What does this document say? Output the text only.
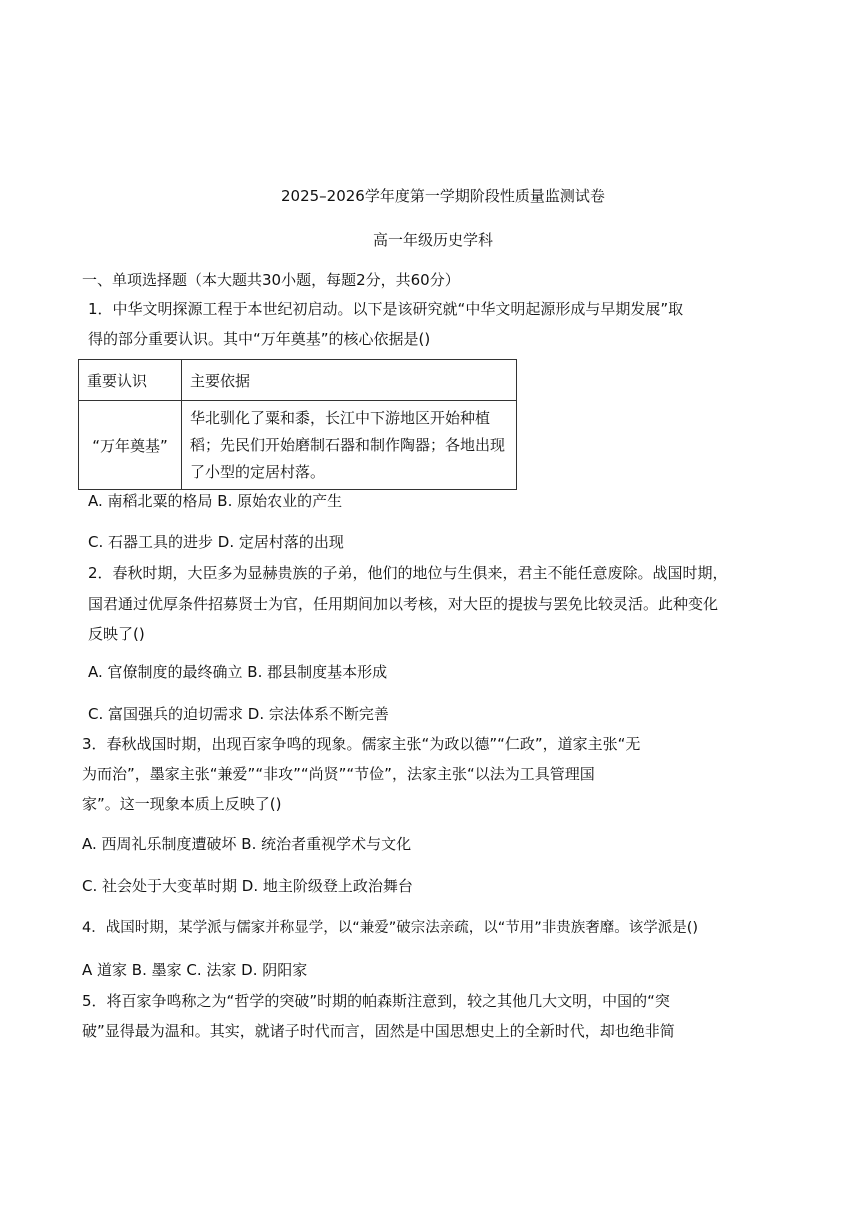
2025–2026学年度第一学期阶段性质量监测试卷
高一年级历史学科
一、单项选择题（本大题共30小题，每题2分，共60分）
1．中华文明探源工程于本世纪初启动。以下是该研究就“中华文明起源形成与早期发展”取
得的部分重要认识。其中“万年奠基”的核心依据是()
重要认识	主要依据
“万年奠基”	华北驯化了粟和黍，长江中下游地区开始种植
稻；先民们开始磨制石器和制作陶器；各地出现
了小型的定居村落。
A. 南稻北粟的格局 B. 原始农业的产生
C. 石器工具的进步 D. 定居村落的出现
2．春秋时期，大臣多为显赫贵族的子弟，他们的地位与生俱来，君主不能任意废除。战国时期，
国君通过优厚条件招募贤士为官，任用期间加以考核，对大臣的提拔与罢免比较灵活。此种变化
反映了()
A. 官僚制度的最终确立 B. 郡县制度基本形成
C. 富国强兵的迫切需求 D. 宗法体系不断完善
3．春秋战国时期，出现百家争鸣的现象。儒家主张“为政以德”“仁政”，道家主张“无
为而治”，墨家主张“兼爱”“非攻”“尚贤”“节俭”，法家主张“以法为工具管理国
家”。这一现象本质上反映了()
A. 西周礼乐制度遭破坏 B. 统治者重视学术与文化
C. 社会处于大变革时期 D. 地主阶级登上政治舞台
4．战国时期，某学派与儒家并称显学，以“兼爱”破宗法亲疏，以“节用”非贵族奢靡。该学派是()
A 道家 B. 墨家 C. 法家 D. 阴阳家
5．将百家争鸣称之为“哲学的突破”时期的帕森斯注意到，较之其他几大文明，中国的“突
破”显得最为温和。其实，就诸子时代而言，固然是中国思想史上的全新时代，却也绝非简
